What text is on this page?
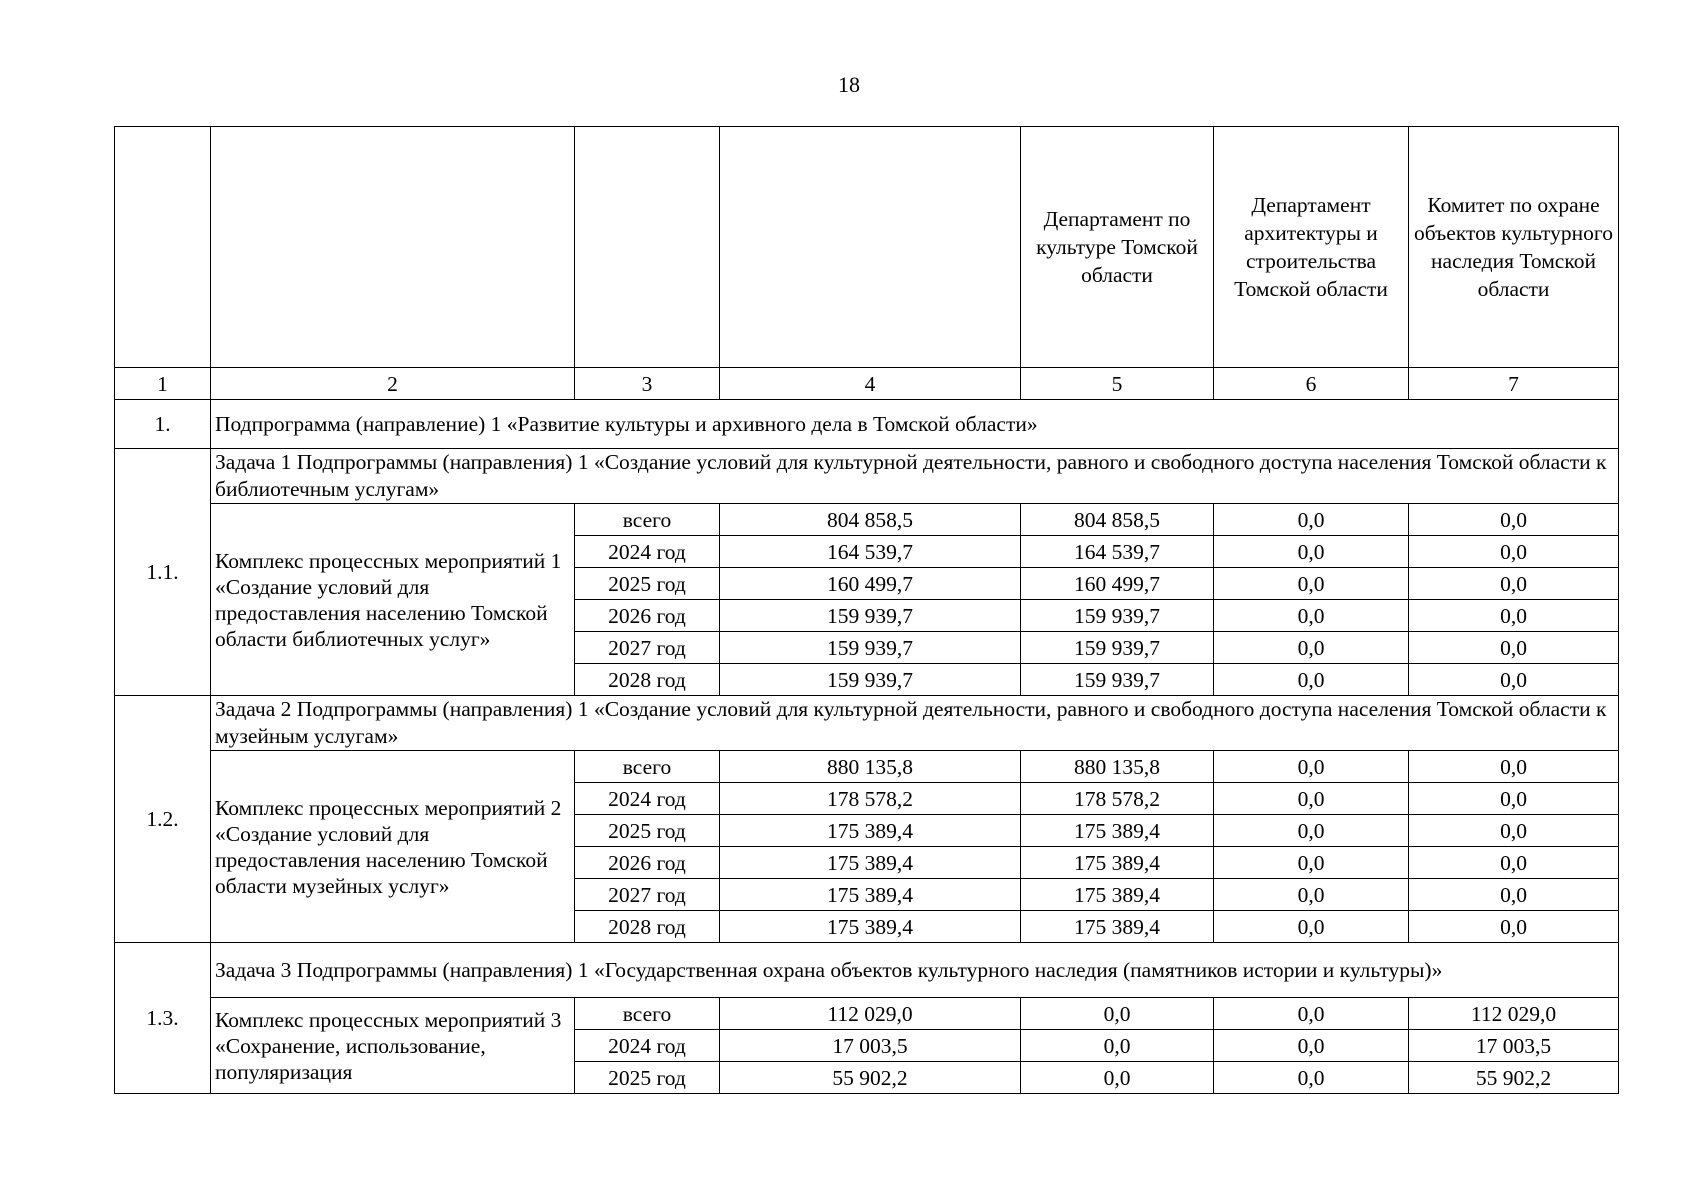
18

				Департамент по культуре Томской области	Департамент архитектуры и строительства Томской области	Комитет по охране объектов культурного наследия Томской области

1	2	3	4	5	6	7
1.	Подпрограмма (направление) 1 «Развитие культуры и архивного дела в Томской области»					
1.1.	Задача 1 Подпрограммы (направления) 1 «Создание условий для культурной деятельности, равного и свободного доступа населения Томской области к библиотечным услугам»					
	Комплекс процессных мероприятий 1 «Создание условий для предоставления населению Томской области библиотечных услуг»	всего	804 858,5	804 858,5	0,0	0,0
		2024 год	164 539,7	164 539,7	0,0	0,0
		2025 год	160 499,7	160 499,7	0,0	0,0
		2026 год	159 939,7	159 939,7	0,0	0,0
		2027 год	159 939,7	159 939,7	0,0	0,0
		2028 год	159 939,7	159 939,7	0,0	0,0
1.2.	Задача 2 Подпрограммы (направления) 1 «Создание условий для культурной деятельности, равного и свободного доступа населения Томской области к музейным услугам»					
	Комплекс процессных мероприятий 2 «Создание условий для предоставления населению Томской области музейных услуг»	всего	880 135,8	880 135,8	0,0	0,0
		2024 год	178 578,2	178 578,2	0,0	0,0
		2025 год	175 389,4	175 389,4	0,0	0,0
		2026 год	175 389,4	175 389,4	0,0	0,0
		2027 год	175 389,4	175 389,4	0,0	0,0
		2028 год	175 389,4	175 389,4	0,0	0,0
1.3.	Задача 3 Подпрограммы (направления) 1 «Государственная охрана объектов культурного наследия (памятников истории и культуры)»					
	Комплекс процессных мероприятий 3 «Сохранение, использование, популяризация	всего	112 029,0	0,0	0,0	112 029,0
		2024 год	17 003,5	0,0	0,0	17 003,5
		2025 год	55 902,2	0,0	0,0	55 902,2
